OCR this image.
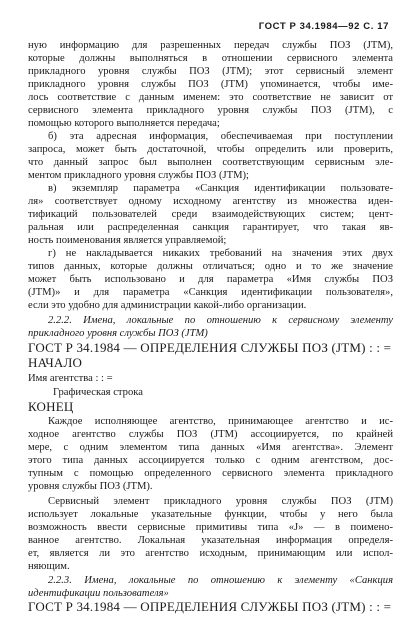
ГОСТ Р 34.1984—92 С. 17
ную информацию для разрешенных передач службы ПОЗ (JTM),
которые должны выполняться в отношении сервисного элемента
прикладного уровня службы ПОЗ (JTM); этот сервисный элемент
прикладного уровня службы ПОЗ (JTM) упоминается, чтобы име-
лось соответствие с данным именем: это соответствие не зависит от
сервисного элемента прикладного уровня службы ПОЗ (JTM), с
помощью которого выполняется передача;
б) эта адресная информация, обеспечиваемая при поступлении
запроса, может быть достаточной, чтобы определить или проверить,
что данный запрос был выполнен соответствующим сервисным эле-
ментом прикладного уровня службы ПОЗ (JTM);
в) экземпляр параметра «Санкция идентификации пользовате-
ля» соответствует одному исходному агентству из множества иден-
тификаций пользователей среди взаимодействующих систем; цент-
ральная или распределенная санкция гарантирует, что такая яв-
ность поименования является управляемой;
г) не накладывается никаких требований на значения этих двух
типов данных, которые должны отличаться; одно и то же значение
может быть использовано и для параметра «Имя службы ПОЗ
(JTM)» и для параметра «Санкция идентификации пользователя»,
если это удобно для администрации какой-либо организации.
2.2.2. Имена, локальные по отношению к сервисному элементу
прикладного уровня службы ПОЗ (JTM)
ГОСТ Р 34.1984 — ОПРЕДЕЛЕНИЯ СЛУЖБЫ ПОЗ (JTM) : : =
НАЧАЛО
Имя агентства : : =
Графическая строка
КОНЕЦ
Каждое исполняющее агентство, принимающее агентство и ис-
ходное агентство службы ПОЗ (JTM) ассоциируется, по крайней
мере, с одним элементом типа данных «Имя агентства». Элемент
этого типа данных ассоциируется только с одним агентством, дос-
тупным с помощью определенного сервисного элемента прикладного
уровня службы ПОЗ (JTM).
Сервисный элемент прикладного уровня службы ПОЗ (JTM)
использует локальные указательные функции, чтобы у него была
возможность ввести сервисные примитивы типа «J» — в поимено-
ванное агентство. Локальная указательная информация определя-
ет, является ли это агентство исходным, принимающим или испол-
няющим.
2.2.3. Имена, локальные по отношению к элементу «Санкция
идентификации пользователя»
ГОСТ Р 34.1984 — ОПРЕДЕЛЕНИЯ СЛУЖБЫ ПОЗ (JTM) : : =
